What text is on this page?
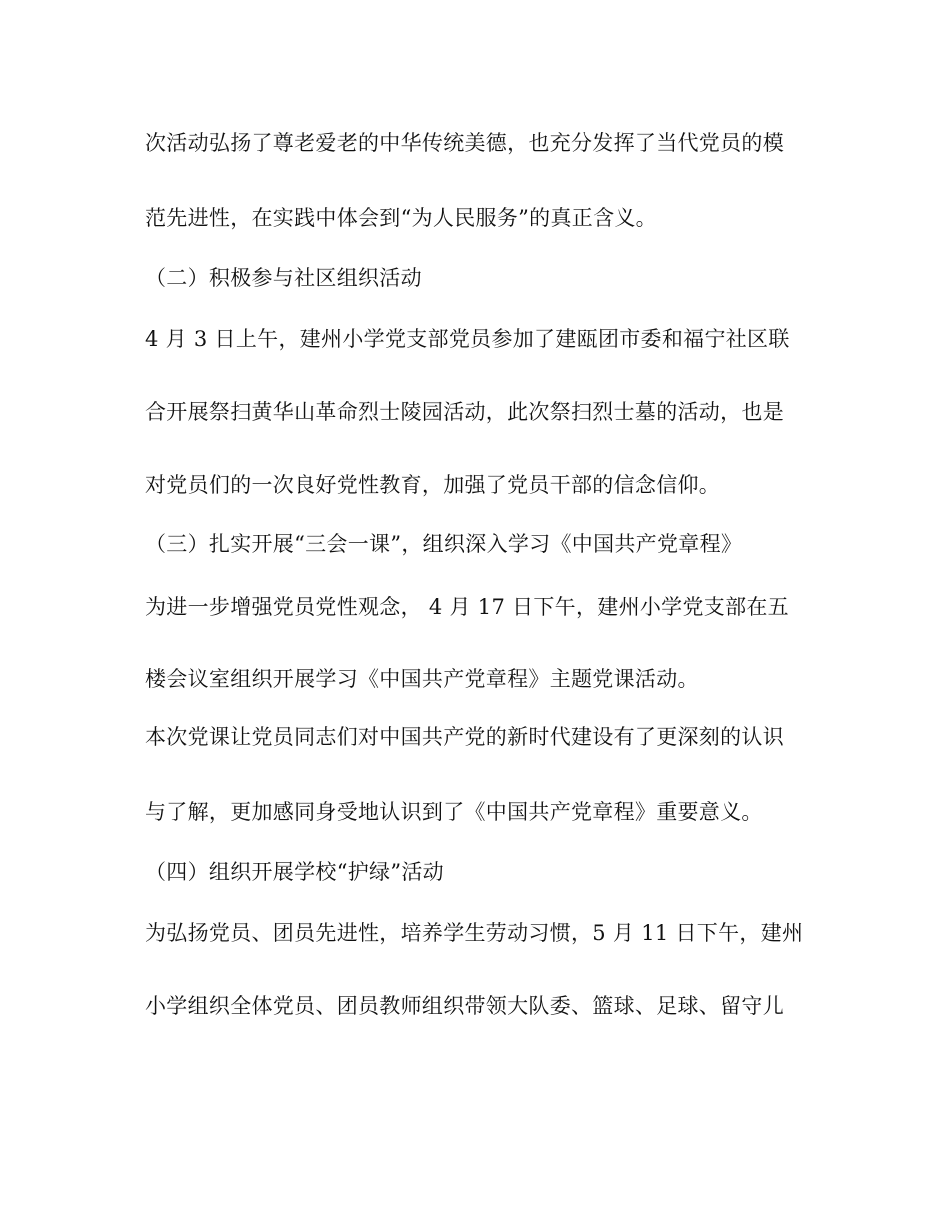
次活动弘扬了尊老爱老的中华传统美德，也充分发挥了当代党员的模
范先进性，在实践中体会到“为人民服务”的真正含义。
（二）积极参与社区组织活动
4 月 3 日上午，建州小学党支部党员参加了建瓯团市委和福宁社区联
合开展祭扫黄华山革命烈士陵园活动，此次祭扫烈士墓的活动，也是
对党员们的一次良好党性教育，加强了党员干部的信念信仰。
（三）扎实开展“三会一课”，组织深入学习《中国共产党章程》
为进一步增强党员党性观念， 4 月 17 日下午，建州小学党支部在五
楼会议室组织开展学习《中国共产党章程》主题党课活动。
本次党课让党员同志们对中国共产党的新时代建设有了更深刻的认识
与了解，更加感同身受地认识到了《中国共产党章程》重要意义。
（四）组织开展学校“护绿”活动
为弘扬党员、团员先进性，培养学生劳动习惯，5 月 11 日下午，建州
小学组织全体党员、团员教师组织带领大队委、篮球、足球、留守儿
